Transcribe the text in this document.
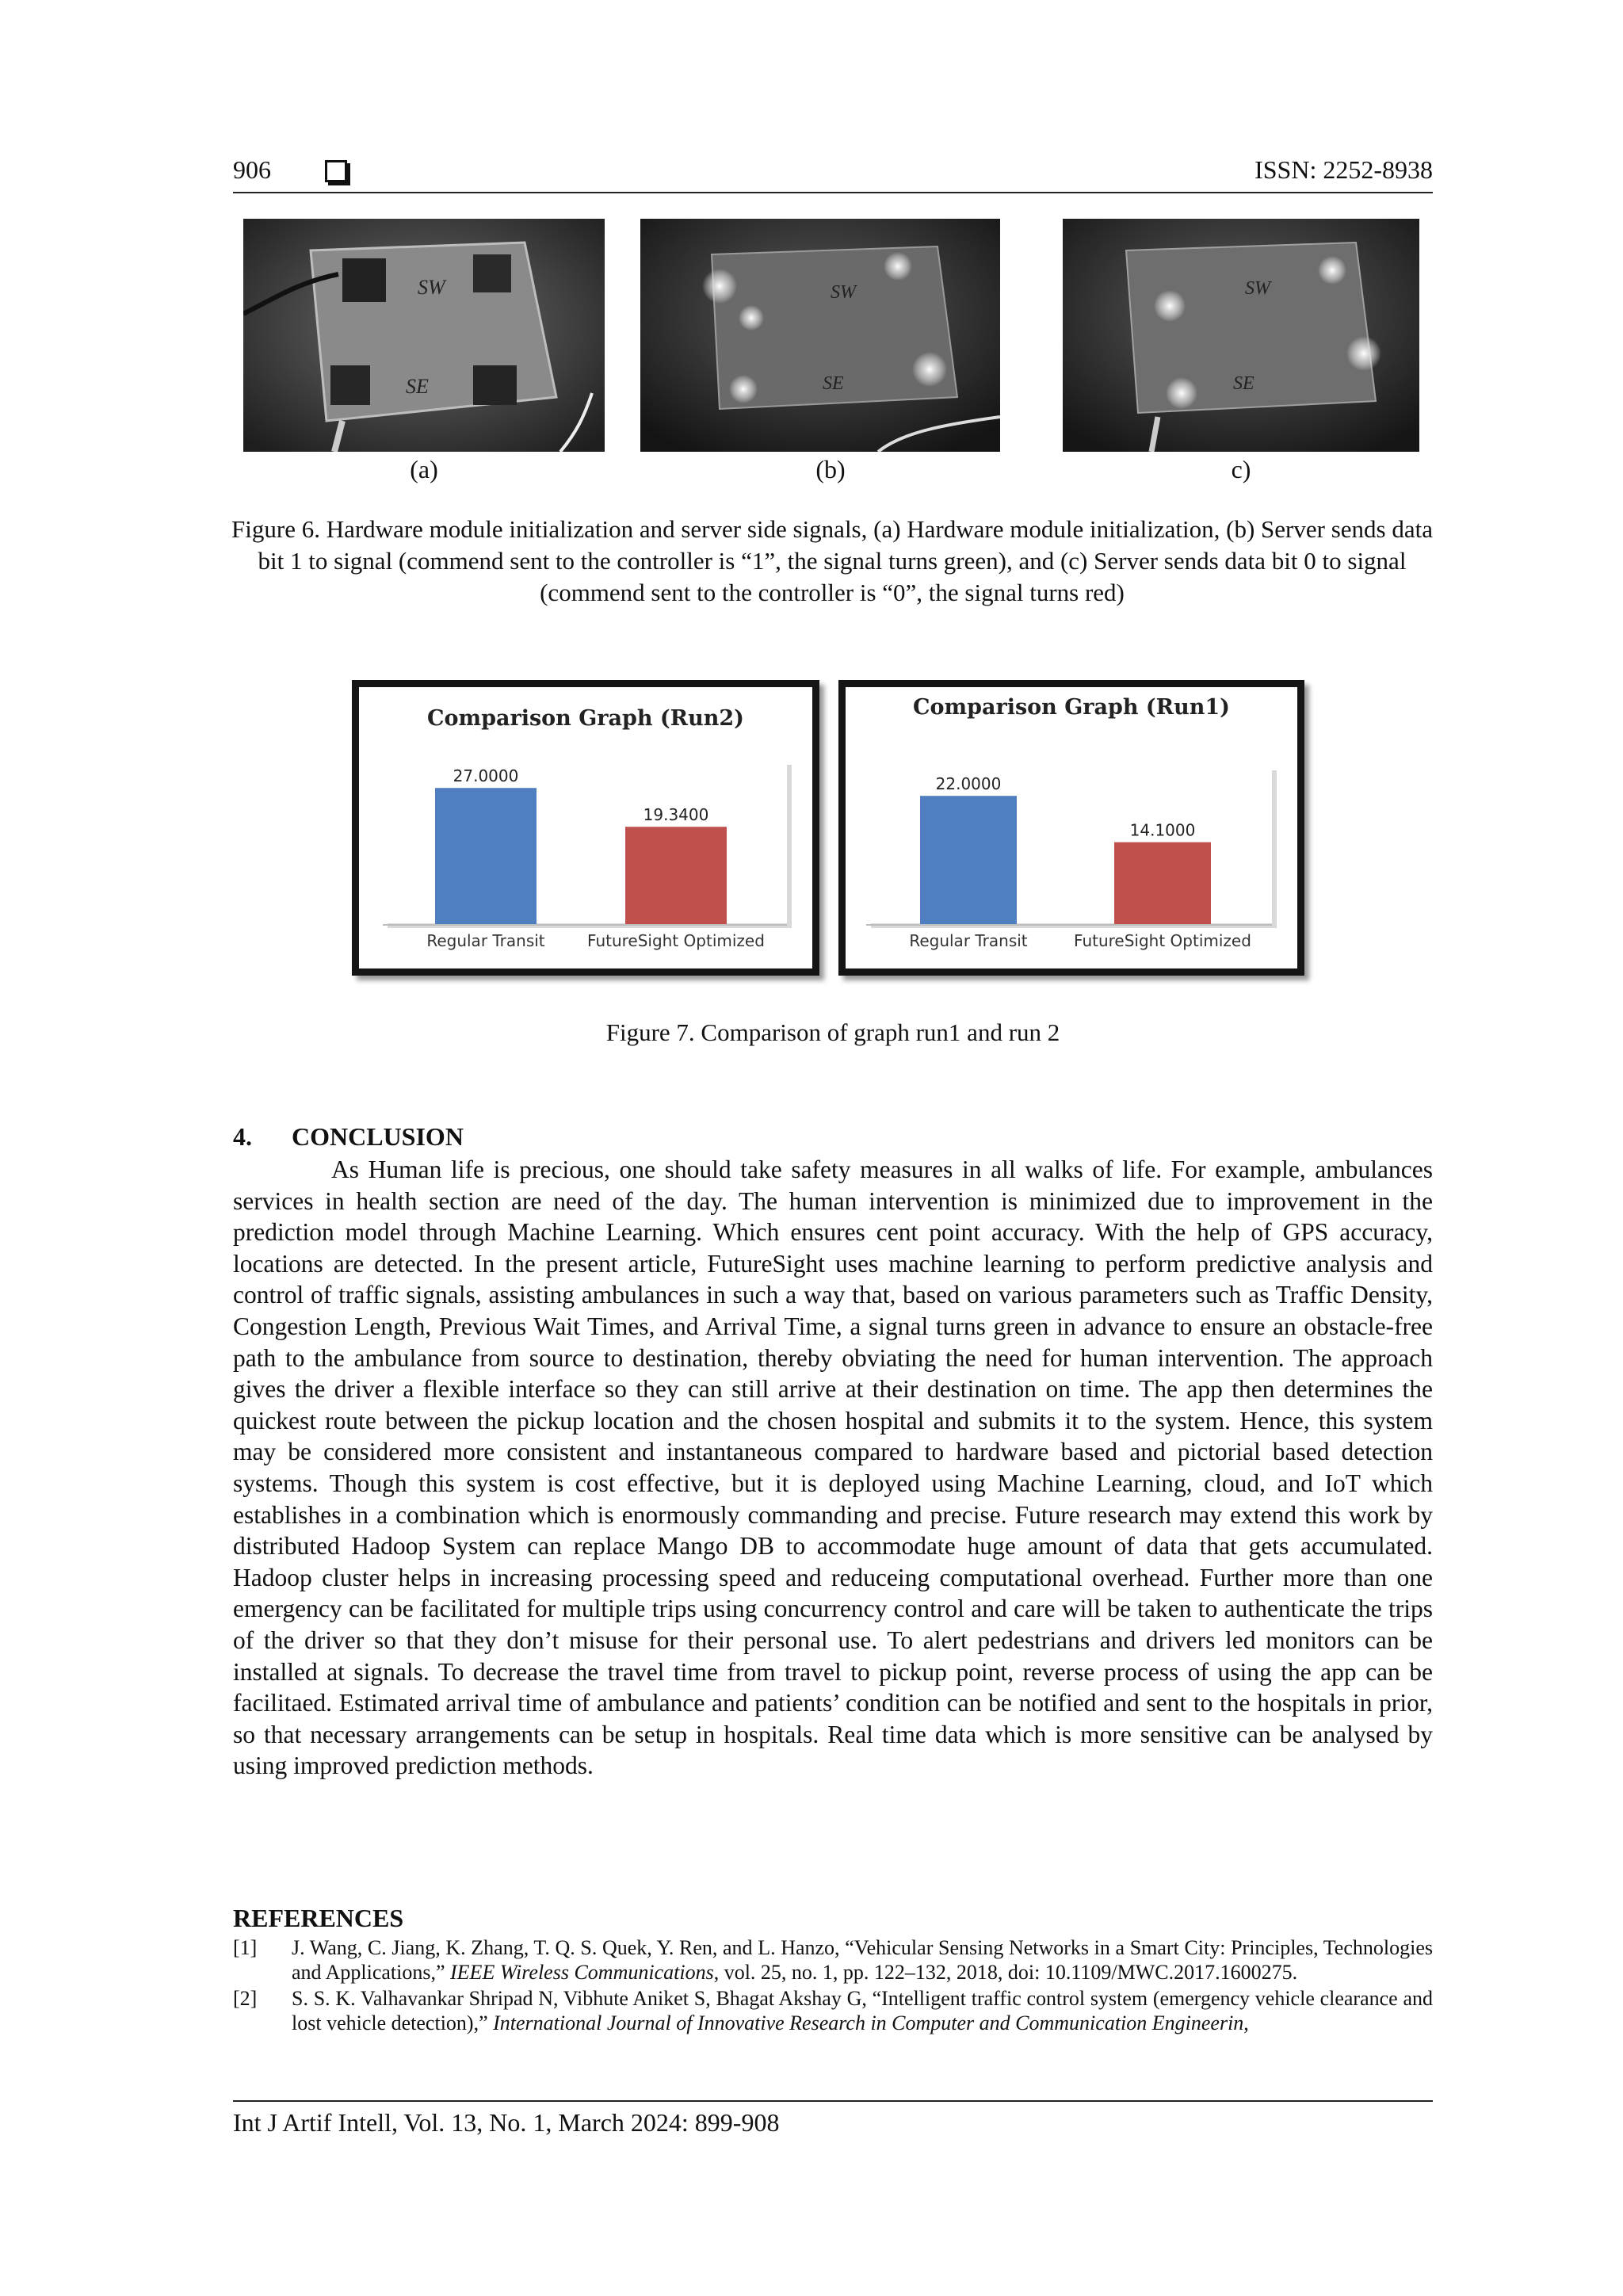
906	ISSN: 2252-8938
SW
SE
SW
SE
SW
SE
(a)	(b)	c)
Figure 6. Hardware module initialization and server side signals, (a) Hardware module initialization, (b) Server sends data bit 1 to signal (commend sent to the controller is “1”, the signal turns green), and (c) Server sends data bit 0 to signal (commend sent to the controller is “0”, the signal turns red)
Comparison Graph (Run2)
27.0000
Regular Transit
19.3400
FutureSight Optimized
Comparison Graph (Run1)
22.0000
Regular Transit
14.1000
FutureSight Optimized
Figure 7. Comparison of graph run1 and run 2
4. CONCLUSION

As Human life is precious, one should take safety measures in all walks of life. For example, ambulances services in health section are need of the day. The human intervention is minimized due to improvement in the prediction model through Machine Learning. Which ensures cent point accuracy. With the help of GPS accuracy, locations are detected. In the present article, FutureSight uses machine learning to perform predictive analysis and control of traffic signals, assisting ambulances in such a way that, based on various parameters such as Traffic Density, Congestion Length, Previous Wait Times, and Arrival Time, a signal turns green in advance to ensure an obstacle-free path to the ambulance from source to destination, thereby obviating the need for human intervention. The approach gives the driver a flexible interface so they can still arrive at their destination on time. The app then determines the quickest route between the pickup location and the chosen hospital and submits it to the system. Hence, this system may be considered more consistent and instantaneous compared to hardware based and pictorial based detection systems. Though this system is cost effective, but it is deployed using Machine Learning, cloud, and IoT which establishes in a combination which is enormously commanding and precise. Future research may extend this work by distributed Hadoop System can replace Mango DB to accommodate huge amount of data that gets accumulated. Hadoop cluster helps in increasing processing speed and reduceing computational overhead. Further more than one emergency can be facilitated for multiple trips using concurrency control and care will be taken to authenticate the trips of the driver so that they don’t misuse for their personal use. To alert pedestrians and drivers led monitors can be installed at signals. To decrease the travel time from travel to pickup point, reverse process of using the app can be facilitaed. Estimated arrival time of ambulance and patients’ condition can be notified and sent to the hospitals in prior, so that necessary arrangements can be setup in hospitals. Real time data which is more sensitive can be analysed by using improved prediction methods.

REFERENCES
[1]	J. Wang, C. Jiang, K. Zhang, T. Q. S. Quek, Y. Ren, and L. Hanzo, “Vehicular Sensing Networks in a Smart City: Principles, Technologies and Applications,” IEEE Wireless Communications, vol. 25, no. 1, pp. 122–132, 2018, doi: 10.1109/MWC.2017.1600275.
[2]	S. S. K. Valhavankar Shripad N, Vibhute Aniket S, Bhagat Akshay G, “Intelligent traffic control system (emergency vehicle clearance and lost vehicle detection),” International Journal of Innovative Research in Computer and Communication Engineerin,
Int J Artif Intell, Vol. 13, No. 1, March 2024: 899-908
